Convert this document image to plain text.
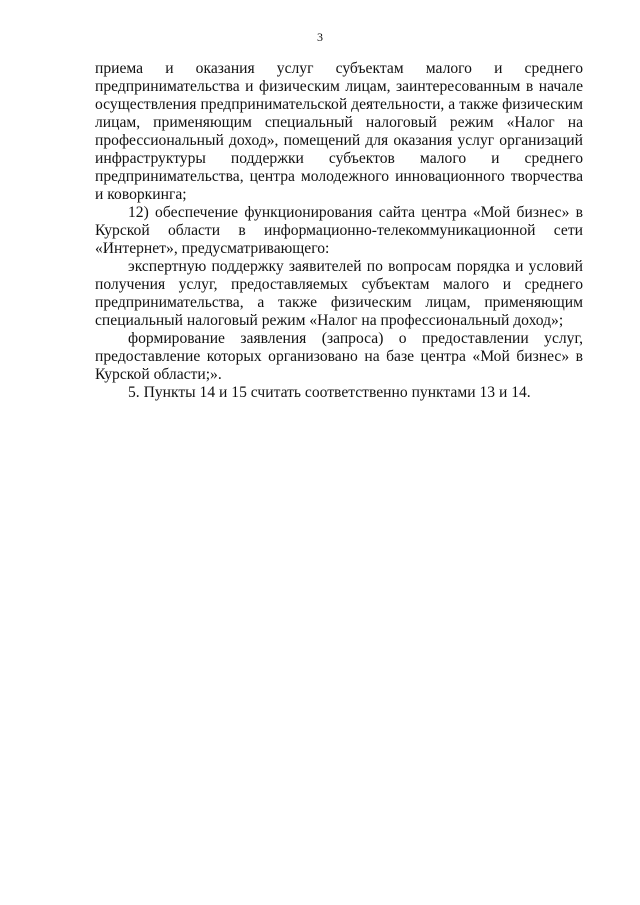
3

приема и оказания услуг субъектам малого и среднего предпринимательства и физическим лицам, заинтересованным в начале осуществления предпринимательской деятельности, а также физическим лицам, применяющим специальный налоговый режим «Налог на профессиональный доход», помещений для оказания услуг организаций инфраструктуры поддержки субъектов малого и среднего предпринимательства, центра молодежного инновационного творчества и коворкинга;

12) обеспечение функционирования сайта центра «Мой бизнес» в Курской области в информационно-телекоммуникационной сети «Интернет», предусматривающего:

экспертную поддержку заявителей по вопросам порядка и условий получения услуг, предоставляемых субъектам малого и среднего предпринимательства, а также физическим лицам, применяющим специальный налоговый режим «Налог на профессиональный доход»;

формирование заявления (запроса) о предоставлении услуг, предоставление которых организовано на базе центра «Мой бизнес» в Курской области;».

5. Пункты 14 и 15 считать соответственно пунктами 13 и 14.
